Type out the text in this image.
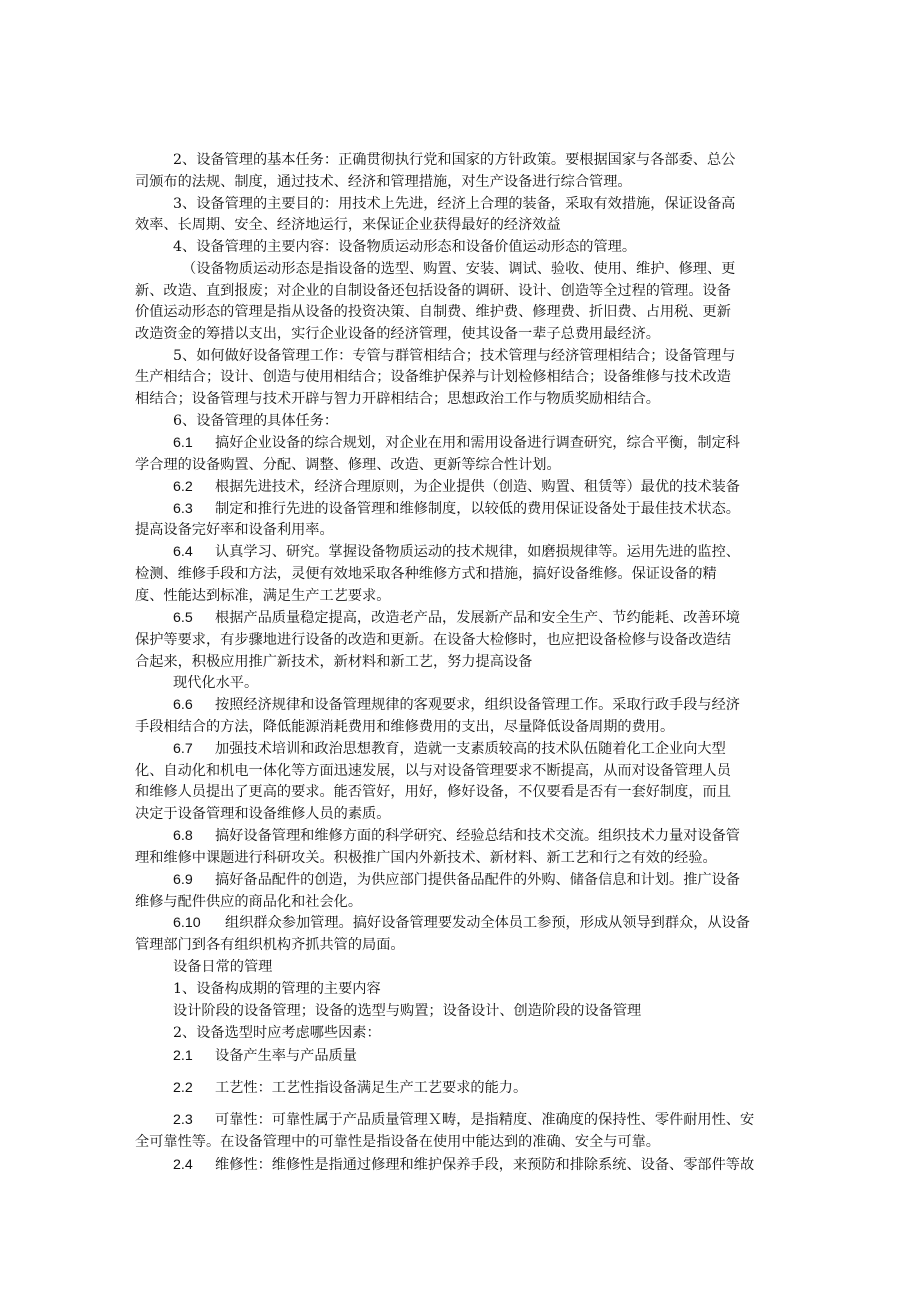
2、设备管理的基本任务：正确贯彻执行党和国家的方针政策。要根据国家与各部委、总公
司颁布的法规、制度，通过技术、经济和管理措施，对生产设备进行综合管理。
3、设备管理的主要目的：用技术上先进，经济上合理的装备，采取有效措施，保证设备高
效率、长周期、安全、经济地运行，来保证企业获得最好的经济效益
4、设备管理的主要内容：设备物质运动形态和设备价值运动形态的管理。
（设备物质运动形态是指设备的选型、购置、安装、调试、验收、使用、维护、修理、更
新、改造、直到报废；对企业的自制设备还包括设备的调研、设计、创造等全过程的管理。设备
价值运动形态的管理是指从设备的投资决策、自制费、维护费、修理费、折旧费、占用税、更新
改造资金的筹措以支出，实行企业设备的经济管理，使其设备一辈子总费用最经济。
5、如何做好设备管理工作：专管与群管相结合；技术管理与经济管理相结合；设备管理与
生产相结合；设计、创造与使用相结合；设备维护保养与计划检修相结合；设备维修与技术改造
相结合；设备管理与技术开辟与智力开辟相结合；思想政治工作与物质奖励相结合。
6、设备管理的具体任务：
6.1 搞好企业设备的综合规划，对企业在用和需用设备进行调查研究，综合平衡，制定科
学合理的设备购置、分配、调整、修理、改造、更新等综合性计划。
6.2 根据先进技术，经济合理原则，为企业提供（创造、购置、租赁等）最优的技术装备
6.3 制定和推行先进的设备管理和维修制度，以较低的费用保证设备处于最佳技术状态。
提高设备完好率和设备利用率。
6.4 认真学习、研究。掌握设备物质运动的技术规律，如磨损规律等。运用先进的监控、
检测、维修手段和方法，灵便有效地采取各种维修方式和措施，搞好设备维修。保证设备的精
度、性能达到标准，满足生产工艺要求。
6.5 根据产品质量稳定提高，改造老产品，发展新产品和安全生产、节约能耗、改善环境
保护等要求，有步骤地进行设备的改造和更新。在设备大检修时，也应把设备检修与设备改造结
合起来，积极应用推广新技术，新材料和新工艺，努力提高设备
现代化水平。
6.6 按照经济规律和设备管理规律的客观要求，组织设备管理工作。采取行政手段与经济
手段相结合的方法，降低能源消耗费用和维修费用的支出，尽量降低设备周期的费用。
6.7 加强技术培训和政治思想教育，造就一支素质较高的技术队伍随着化工企业向大型
化、自动化和机电一体化等方面迅速发展，以与对设备管理要求不断提高，从而对设备管理人员
和维修人员提出了更高的要求。能否管好，用好，修好设备，不仅要看是否有一套好制度，而且
决定于设备管理和设备维修人员的素质。
6.8 搞好设备管理和维修方面的科学研究、经验总结和技术交流。组织技术力量对设备管
理和维修中课题进行科研攻关。积极推广国内外新技术、新材料、新工艺和行之有效的经验。
6.9 搞好备品配件的创造，为供应部门提供备品配件的外购、储备信息和计划。推广设备
维修与配件供应的商品化和社会化。
6.10 组织群众参加管理。搞好设备管理要发动全体员工参预，形成从领导到群众，从设备
管理部门到各有组织机构齐抓共管的局面。
设备日常的管理
1、设备构成期的管理的主要内容
设计阶段的设备管理；设备的选型与购置；设备设计、创造阶段的设备管理
2、设备选型时应考虑哪些因素：
2.1 设备产生率与产品质量
2.2 工艺性：工艺性指设备满足生产工艺要求的能力。
2.3 可靠性：可靠性属于产品质量管理Ｘ畴，是指精度、准确度的保持性、零件耐用性、安
全可靠性等。在设备管理中的可靠性是指设备在使用中能达到的准确、安全与可靠。
2.4 维修性：维修性是指通过修理和维护保养手段，来预防和排除系统、设备、零部件等故
